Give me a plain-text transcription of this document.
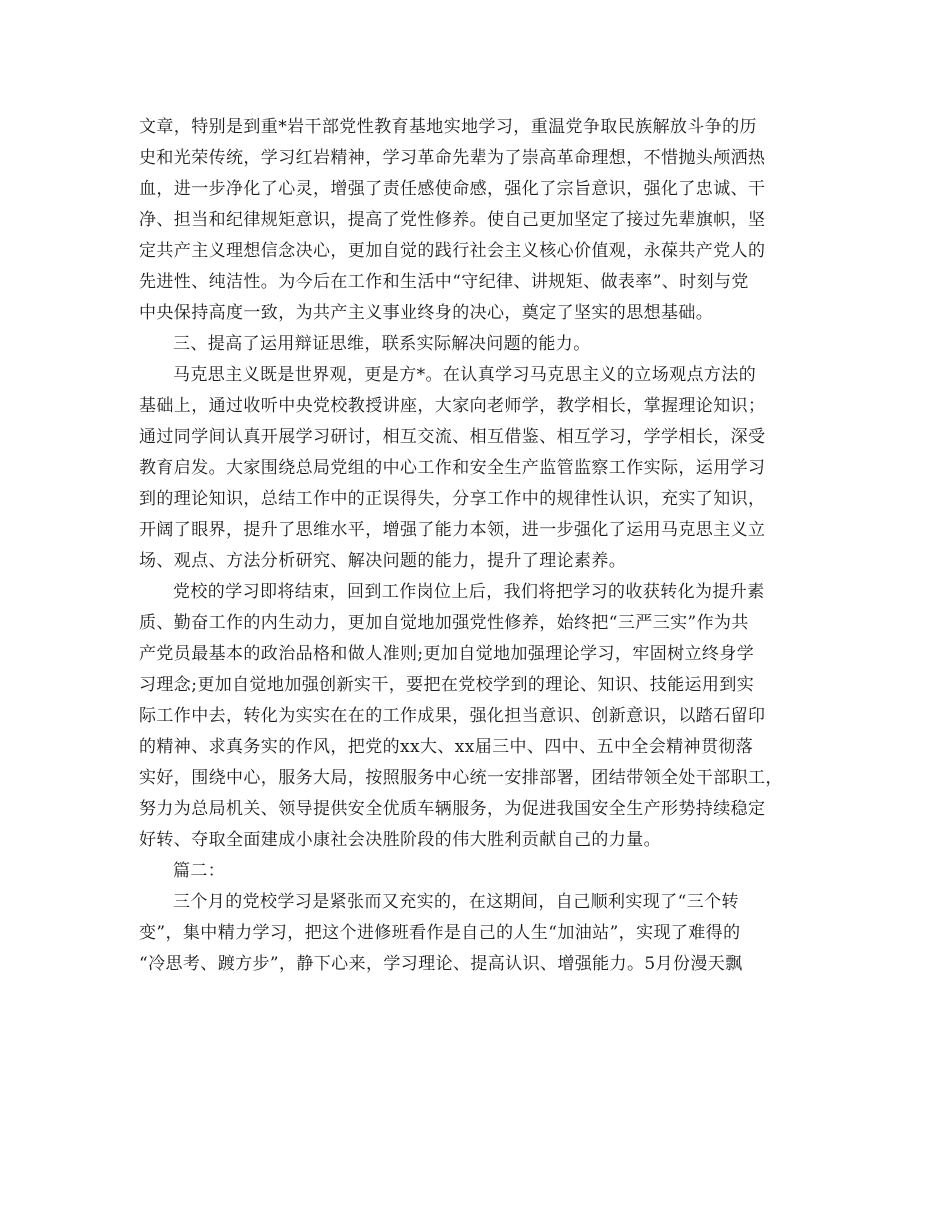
文章，特别是到重*岩干部党性教育基地实地学习，重温党争取民族解放斗争的历
史和光荣传统，学习红岩精神，学习革命先辈为了崇高革命理想，不惜抛头颅洒热
血，进一步净化了心灵，增强了责任感使命感，强化了宗旨意识，强化了忠诚、干
净、担当和纪律规矩意识，提高了党性修养。使自己更加坚定了接过先辈旗帜，坚
定共产主义理想信念决心，更加自觉的践行社会主义核心价值观，永葆共产党人的
先进性、纯洁性。为今后在工作和生活中“守纪律、讲规矩、做表率”、时刻与党
中央保持高度一致，为共产主义事业终身的决心，奠定了坚实的思想基础。
三、提高了运用辩证思维，联系实际解决问题的能力。
马克思主义既是世界观，更是方*。在认真学习马克思主义的立场观点方法的
基础上，通过收听中央党校教授讲座，大家向老师学，教学相长，掌握理论知识；
通过同学间认真开展学习研讨，相互交流、相互借鉴、相互学习，学学相长，深受
教育启发。大家围绕总局党组的中心工作和安全生产监管监察工作实际，运用学习
到的理论知识，总结工作中的正误得失，分享工作中的规律性认识，充实了知识，
开阔了眼界，提升了思维水平，增强了能力本领，进一步强化了运用马克思主义立
场、观点、方法分析研究、解决问题的能力，提升了理论素养。
党校的学习即将结束，回到工作岗位上后，我们将把学习的收获转化为提升素
质、勤奋工作的内生动力，更加自觉地加强党性修养，始终把“三严三实”作为共
产党员最基本的政治品格和做人准则;更加自觉地加强理论学习，牢固树立终身学
习理念;更加自觉地加强创新实干，要把在党校学到的理论、知识、技能运用到实
际工作中去，转化为实实在在的工作成果，强化担当意识、创新意识，以踏石留印
的精神、求真务实的作风，把党的xx大、xx届三中、四中、五中全会精神贯彻落
实好，围绕中心，服务大局，按照服务中心统一安排部署，团结带领全处干部职工，
努力为总局机关、领导提供安全优质车辆服务，为促进我国安全生产形势持续稳定
好转、夺取全面建成小康社会决胜阶段的伟大胜利贡献自己的力量。
篇二：
三个月的党校学习是紧张而又充实的，在这期间，自己顺利实现了“三个转
变”，集中精力学习，把这个进修班看作是自己的人生“加油站”，实现了难得的
“冷思考、踱方步”，静下心来，学习理论、提高认识、增强能力。5月份漫天飘
